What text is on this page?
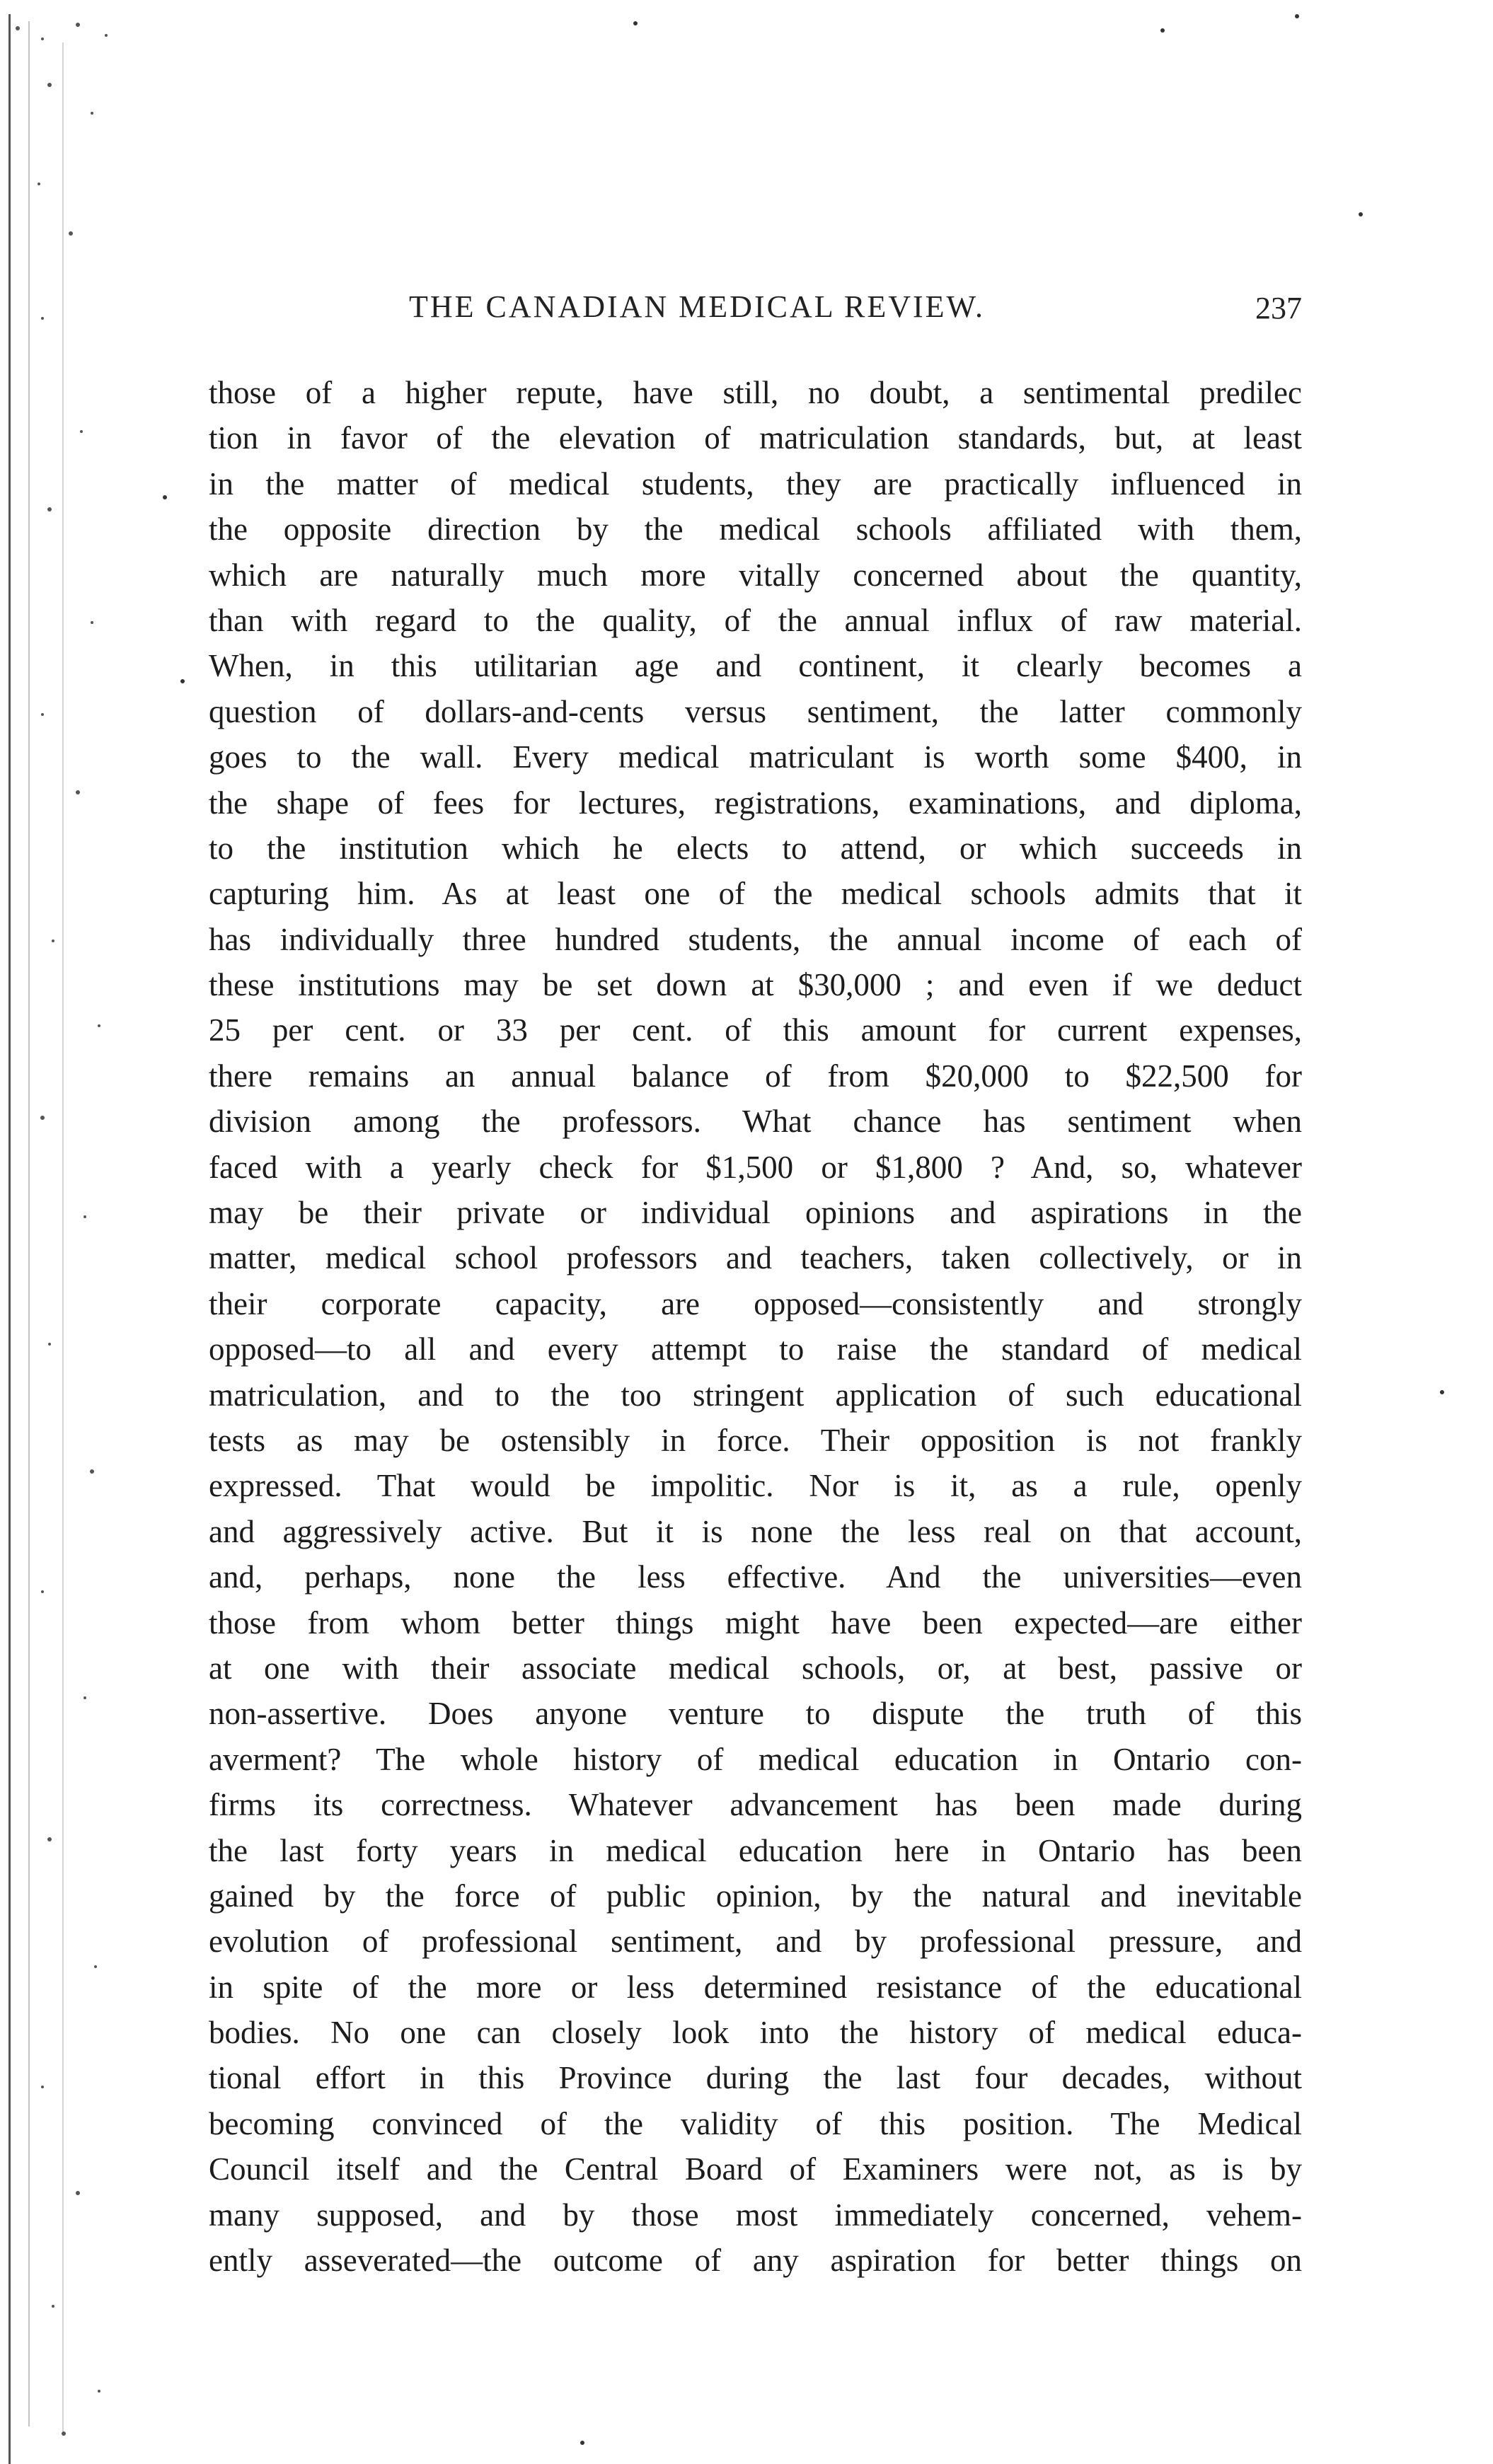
THE CANADIAN MEDICAL REVIEW.	237
those of a higher repute, have still, no doubt, a sentimental predilec
tion in favor of the elevation of matriculation standards, but, at least
in the matter of medical students, they are practically influenced in
the opposite direction by the medical schools affiliated with them,
which are naturally much more vitally concerned about the quantity,
than with regard to the quality, of the annual influx of raw material.
When, in this utilitarian age and continent, it clearly becomes a
question of dollars-and-cents versus sentiment, the latter commonly
goes to the wall. Every medical matriculant is worth some $400, in
the shape of fees for lectures, registrations, examinations, and diploma,
to the institution which he elects to attend, or which succeeds in
capturing him. As at least one of the medical schools admits that it
has individually three hundred students, the annual income of each of
these institutions may be set down at $30,000 ; and even if we deduct
25 per cent. or 33 per cent. of this amount for current expenses,
there remains an annual balance of from $20,000 to $22,500 for
division among the professors. What chance has sentiment when
faced with a yearly check for $1,500 or $1,800 ? And, so, whatever
may be their private or individual opinions and aspirations in the
matter, medical school professors and teachers, taken collectively, or in
their corporate capacity, are opposed—consistently and strongly
opposed—to all and every attempt to raise the standard of medical
matriculation, and to the too stringent application of such educational
tests as may be ostensibly in force. Their opposition is not frankly
expressed. That would be impolitic. Nor is it, as a rule, openly
and aggressively active. But it is none the less real on that account,
and, perhaps, none the less effective. And the universities—even
those from whom better things might have been expected—are either
at one with their associate medical schools, or, at best, passive or
non-assertive. Does anyone venture to dispute the truth of this
averment? The whole history of medical education in Ontario con-
firms its correctness. Whatever advancement has been made during
the last forty years in medical education here in Ontario has been
gained by the force of public opinion, by the natural and inevitable
evolution of professional sentiment, and by professional pressure, and
in spite of the more or less determined resistance of the educational
bodies. No one can closely look into the history of medical educa-
tional effort in this Province during the last four decades, without
becoming convinced of the validity of this position. The Medical
Council itself and the Central Board of Examiners were not, as is by
many supposed, and by those most immediately concerned, vehem-
ently asseverated—the outcome of any aspiration for better things on
